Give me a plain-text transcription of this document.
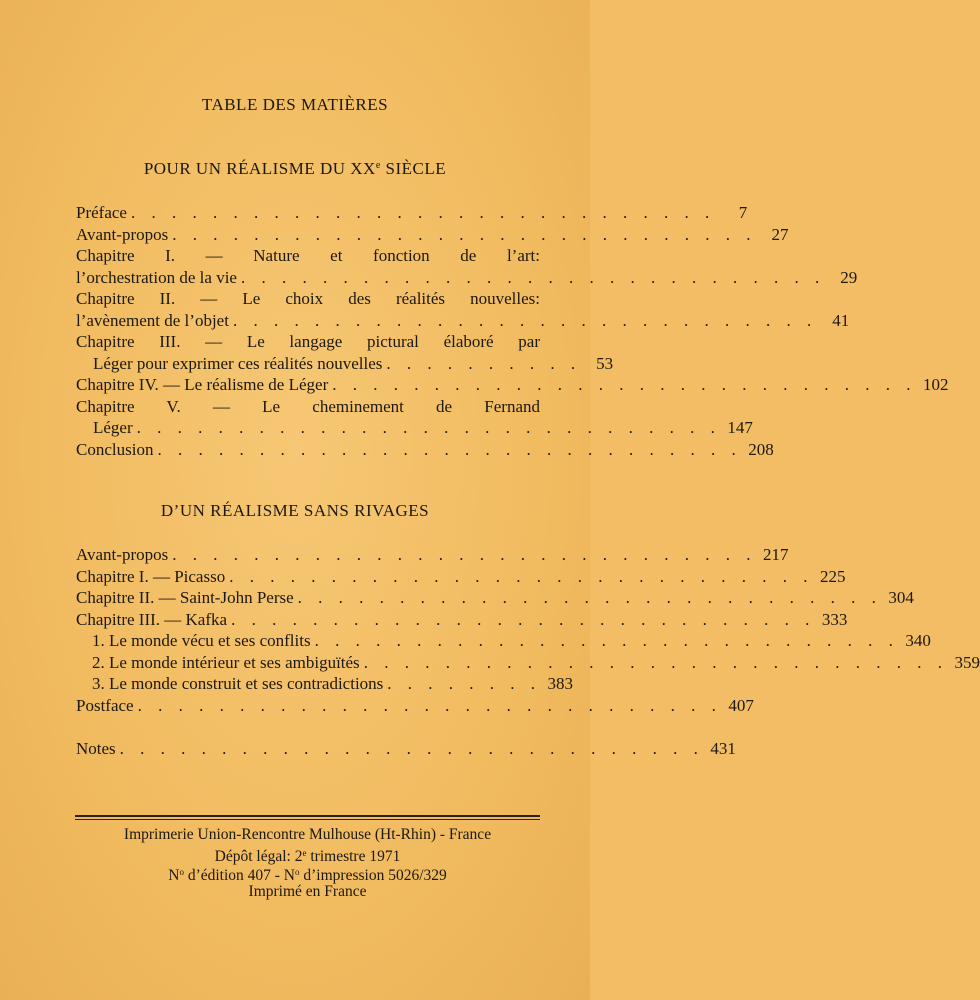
TABLE DES MATIÈRES
POUR UN RÉALISME DU XXe SIÈCLE
Préface . . . . . . . . . . . . . . . . . . . . . . . . . . . . .	7
Avant-propos . . . . . . . . . . . . . . . . . . . . . . . . . . . . . 27
Chapitre I. — Nature et fonction de l’art:
l’orchestration de la vie . . . . . . . . . . . . . . . . . . . . . . . . . . . . . 29
Chapitre II. — Le choix des réalités nouvelles:
l’avènement de l’objet . . . . . . . . . . . . . . . . . . . . . . . . . . . . . 41
Chapitre III. — Le langage pictural élaboré par
Léger pour exprimer ces réalités nouvelles . . . . . . . . . . 53
Chapitre IV. — Le réalisme de Léger . . . . . . . . . . . . . . . . . . . . . . . . . . . . . 102
Chapitre V. — Le cheminement de Fernand
Léger . . . . . . . . . . . . . . . . . . . . . . . . . . . . . 147
Conclusion . . . . . . . . . . . . . . . . . . . . . . . . . . . . . 208
D’UN RÉALISME SANS RIVAGES
Avant-propos . . . . . . . . . . . . . . . . . . . . . . . . . . . . . 217
Chapitre I. — Picasso . . . . . . . . . . . . . . . . . . . . . . . . . . . . . 225
Chapitre II. — Saint-John Perse . . . . . . . . . . . . . . . . . . . . . . . . . . . . . 304
Chapitre III. — Kafka . . . . . . . . . . . . . . . . . . . . . . . . . . . . . 333
1. Le monde vécu et ses conflits . . . . . . . . . . . . . . . . . . . . . . . . . . . . . 340
2. Le monde intérieur et ses ambiguïtés . . . . . . . . . . . . . . . . . . . . . . . . . . . . . 359
3. Le monde construit et ses contradictions . . . . . . . . 383
Postface . . . . . . . . . . . . . . . . . . . . . . . . . . . . . 407
Notes . . . . . . . . . . . . . . . . . . . . . . . . . . . . . 431
Imprimerie Union-Rencontre Mulhouse (Ht-Rhin) - France
Dépôt légal: 2e trimestre 1971
$N^o$ d’édition $407 - N^o$ d’impression 5026/329
Imprimé en France
